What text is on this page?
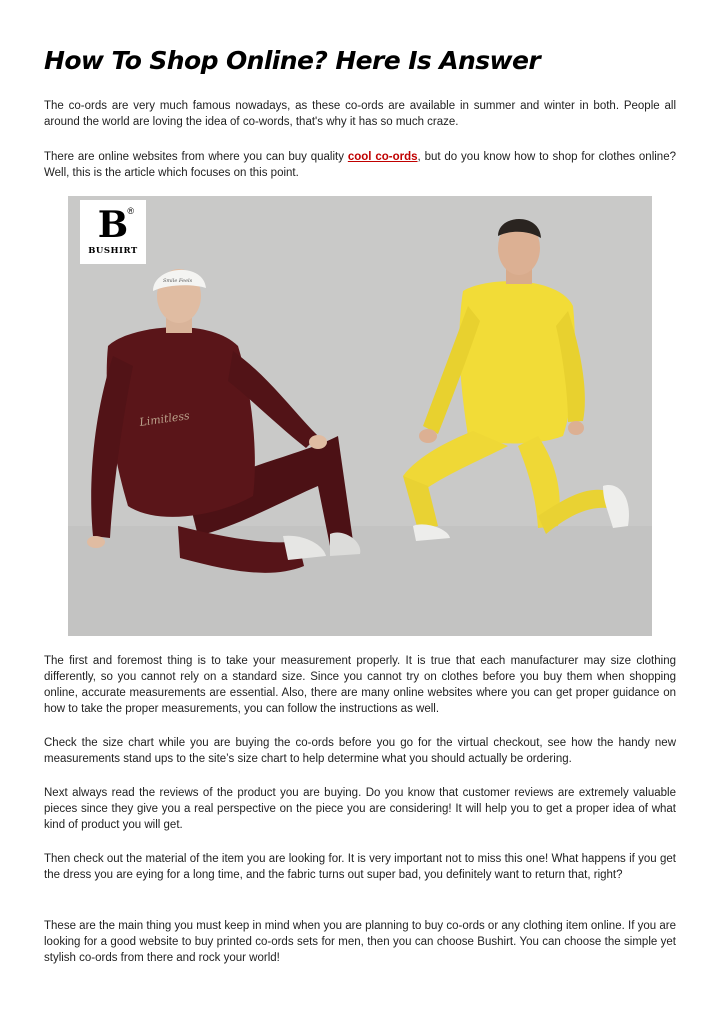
How To Shop Online? Here Is Answer

The co-ords are very much famous nowadays, as these co-ords are available in summer and winter in both. People all around the world are loving the idea of co-words, that's why it has so much craze.

There are online websites from where you can buy quality cool co-ords, but do you know how to shop for clothes online? Well, this is the article which focuses on this point.

Limitless
Smile Feels
B ®
BUSHIRT

The first and foremost thing is to take your measurement properly. It is true that each manufacturer may size clothing differently, so you cannot rely on a standard size. Since you cannot try on clothes before you buy them when shopping online, accurate measurements are essential. Also, there are many online websites where you can get proper guidance on how to take the proper measurements, you can follow the instructions as well.

Check the size chart while you are buying the co-ords before you go for the virtual checkout, see how the handy new measurements stand ups to the site’s size chart to help determine what you should actually be ordering.

Next always read the reviews of the product you are buying. Do you know that customer reviews are extremely valuable pieces since they give you a real perspective on the piece you are considering! It will help you to get a proper idea of what kind of product you will get.

Then check out the material of the item you are looking for. It is very important not to miss this one! What happens if you get the dress you are eying for a long time, and the fabric turns out super bad, you definitely want to return that, right?

These are the main thing you must keep in mind when you are planning to buy co-ords or any clothing item online. If you are looking for a good website to buy printed co-ords sets for men, then you can choose Bushirt. You can choose the simple yet stylish co-ords from there and rock your world!
